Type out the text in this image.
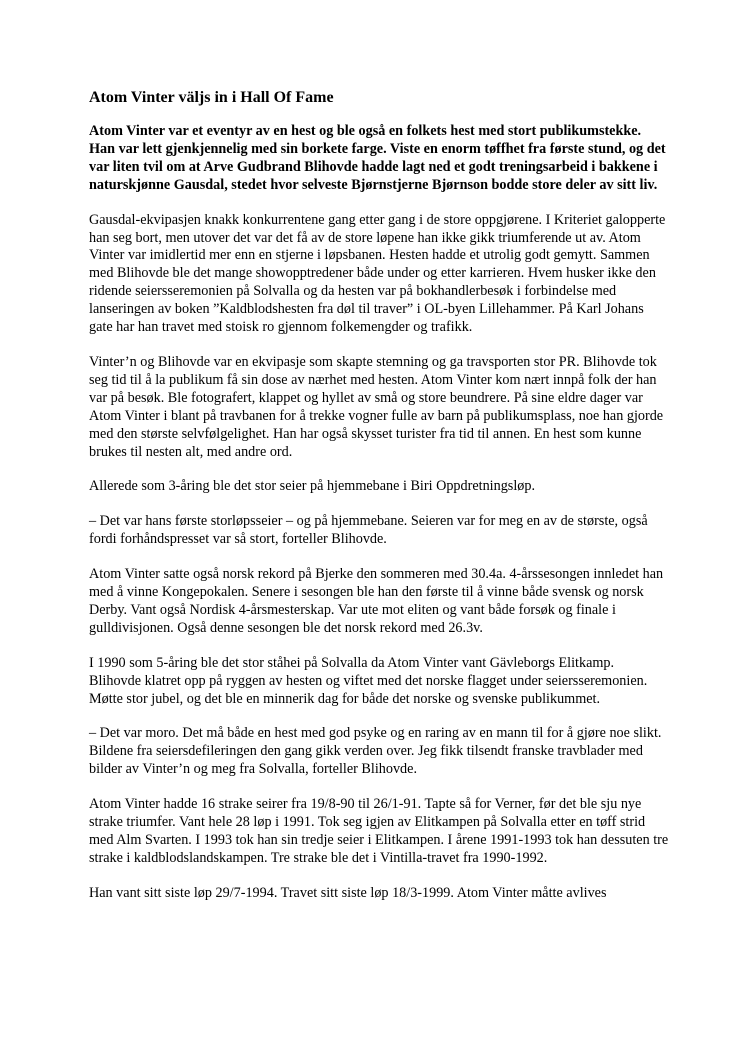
Atom Vinter väljs in i Hall Of Fame
Atom Vinter var et eventyr av en hest og ble også en folkets hest med stort publikumstekke. Han var lett gjenkjennelig med sin borkete farge. Viste en enorm tøffhet fra første stund, og det var liten tvil om at Arve Gudbrand Blihovde hadde lagt ned et godt treningsarbeid i bakkene i naturskjønne Gausdal, stedet hvor selveste Bjørnstjerne Bjørnson bodde store deler av sitt liv.
Gausdal-ekvipasjen knakk konkurrentene gang etter gang i de store oppgjørene. I Kriteriet galopperte han seg bort, men utover det var det få av de store løpene han ikke gikk triumferende ut av. Atom Vinter var imidlertid mer enn en stjerne i løpsbanen. Hesten hadde et utrolig godt gemytt. Sammen med Blihovde ble det mange showopptredener både under og etter karrieren. Hvem husker ikke den ridende seiersseremonien på Solvalla og da hesten var på bokhandlerbesøk i forbindelse med lanseringen av boken ”Kaldblodshesten fra døl til traver” i OL-byen Lillehammer. På Karl Johans gate har han travet med stoisk ro gjennom folkemengder og trafikk.
Vinter’n og Blihovde var en ekvipasje som skapte stemning og ga travsporten stor PR. Blihovde tok seg tid til å la publikum få sin dose av nærhet med hesten. Atom Vinter kom nært innpå folk der han var på besøk. Ble fotografert, klappet og hyllet av små og store beundrere. På sine eldre dager var Atom Vinter i blant på travbanen for å trekke vogner fulle av barn på publikumsplass, noe han gjorde med den største selvfølgelighet. Han har også skysset turister fra tid til annen. En hest som kunne brukes til nesten alt, med andre ord.
Allerede som 3-åring ble det stor seier på hjemmebane i Biri Oppdretningsløp.
– Det var hans første storløpsseier – og på hjemmebane. Seieren var for meg en av de største, også fordi forhåndspresset var så stort, forteller Blihovde.
Atom Vinter satte også norsk rekord på Bjerke den sommeren med 30.4a. 4-årssesongen innledet han med å vinne Kongepokalen. Senere i sesongen ble han den første til å vinne både svensk og norsk Derby. Vant også Nordisk 4-årsmesterskap. Var ute mot eliten og vant både forsøk og finale i gulldivisjonen. Også denne sesongen ble det norsk rekord med 26.3v.
I 1990 som 5-åring ble det stor ståhei på Solvalla da Atom Vinter vant Gävleborgs Elitkamp. Blihovde klatret opp på ryggen av hesten og viftet med det norske flagget under seiersseremonien. Møtte stor jubel, og det ble en minnerik dag for både det norske og svenske publikummet.
– Det var moro. Det må både en hest med god psyke og en raring av en mann til for å gjøre noe slikt. Bildene fra seiersdefileringen den gang gikk verden over. Jeg fikk tilsendt franske travblader med bilder av Vinter’n og meg fra Solvalla, forteller Blihovde.
Atom Vinter hadde 16 strake seirer fra 19/8-90 til 26/1-91. Tapte så for Verner, før det ble sju nye strake triumfer. Vant hele 28 løp i 1991. Tok seg igjen av Elitkampen på Solvalla etter en tøff strid med Alm Svarten. I 1993 tok han sin tredje seier i Elitkampen. I årene 1991-1993 tok han dessuten tre strake i kaldblodslandskampen. Tre strake ble det i Vintilla-travet fra 1990-1992.
Han vant sitt siste løp 29/7-1994. Travet sitt siste løp 18/3-1999. Atom Vinter måtte avlives
